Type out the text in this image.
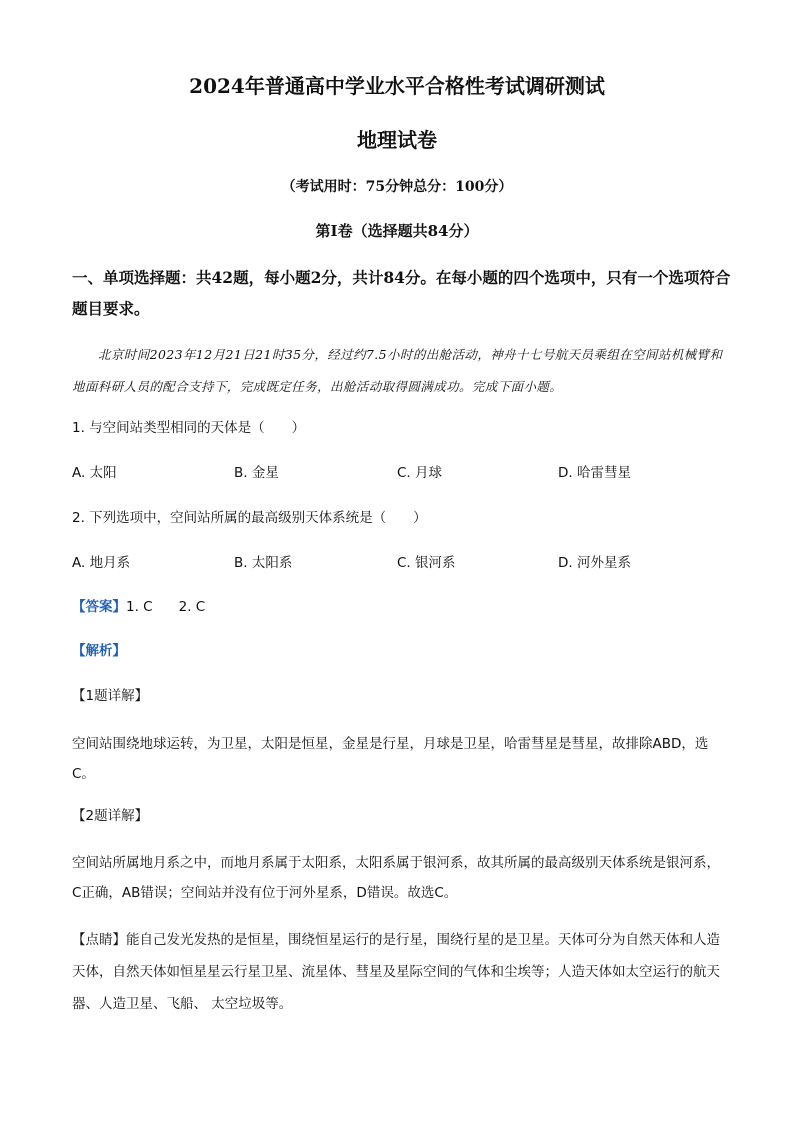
2024年普通高中学业水平合格性考试调研测试
地理试卷
（考试用时：75分钟总分：100分）
第Ⅰ卷（选择题共84分）
一、单项选择题：共42题，每小题2分，共计84分。在每小题的四个选项中，只有一个选项符合题目要求。
北京时间2023年12月21日21时35分，经过约7.5小时的出舱活动，神舟十七号航天员乘组在空间站机械臂和地面科研人员的配合支持下，完成既定任务，出舱活动取得圆满成功。完成下面小题。
1. 与空间站类型相同的天体是（　　）
A. 太阳	B. 金星	C. 月球	D. 哈雷彗星
2. 下列选项中，空间站所属的最高级别天体系统是（　　）
A. 地月系	B. 太阳系	C. 银河系	D. 河外星系
【答案】1. C 2. C
【解析】
【1题详解】
空间站围绕地球运转，为卫星，太阳是恒星，金星是行星，月球是卫星，哈雷彗星是彗星，故排除ABD，选C。
【2题详解】
空间站所属地月系之中，而地月系属于太阳系，太阳系属于银河系，故其所属的最高级别天体系统是银河系，C正确，AB错误；空间站并没有位于河外星系，D错误。故选C。
【点睛】能自己发光发热的是恒星，围绕恒星运行的是行星，围绕行星的是卫星。天体可分为自然天体和人造天体，自然天体如恒星星云行星卫星、流星体、彗星及星际空间的气体和尘埃等；人造天体如太空运行的航天器、人造卫星、飞船、 太空垃圾等。
